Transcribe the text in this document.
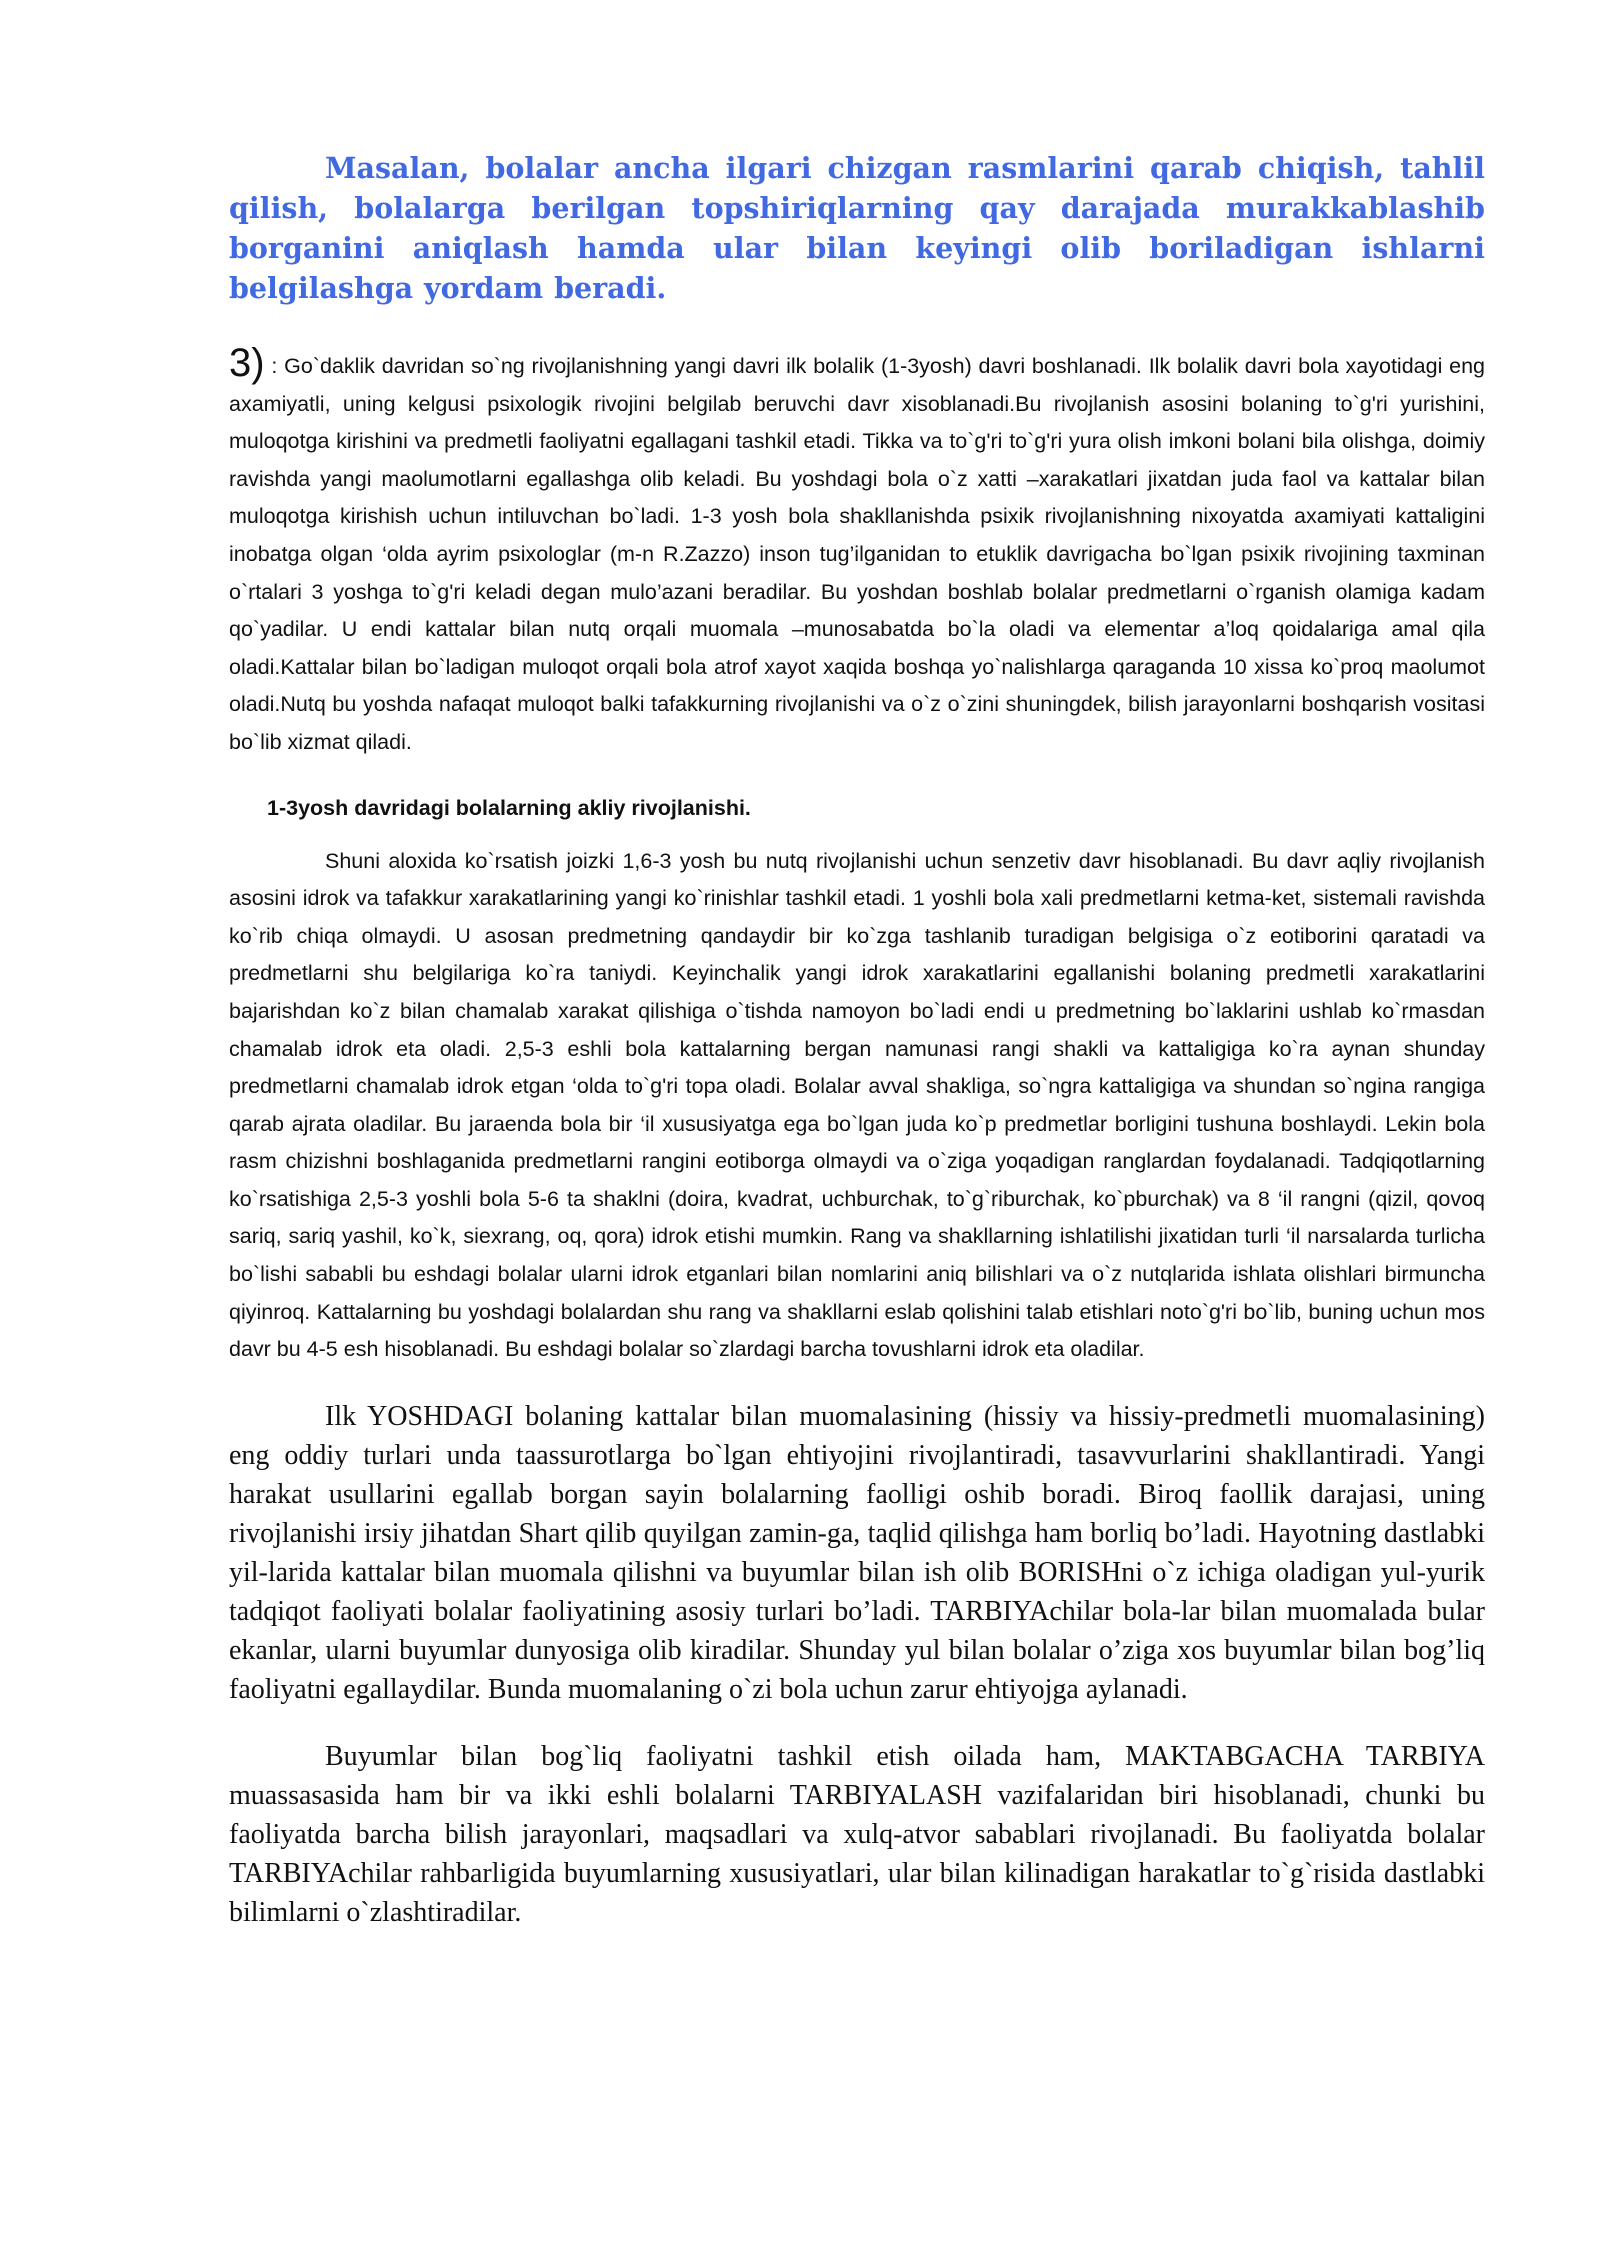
Masalan, bolalar ancha ilgari chizgan rasmlarini qarab chiqish, tahlil qilish, bolalarga berilgan topshiriqlarning qay darajada murakkablashib borganini aniqlash hamda ular bilan keyingi olib boriladigan ishlarni belgilashga yordam beradi.

3) : Go`daklik davridan so`ng rivojlanishning yangi davri ilk bolalik (1-3yosh) davri boshlanadi. Ilk bolalik davri bola xayotidagi eng axamiyatli, uning kelgusi psixologik rivojini belgilab beruvchi davr xisoblanadi.Bu rivojlanish asosini bolaning to`g'ri yurishini, muloqotga kirishini va predmetli faoliyatni egallagani tashkil etadi. Tikka va to`g'ri to`g'ri yura olish imkoni bolani bila olishga, doimiy ravishda yangi maolumotlarni egallashga olib keladi. Bu yoshdagi bola o`z xatti –xarakatlari jixatdan juda faol va kattalar bilan muloqotga kirishish uchun intiluvchan bo`ladi. 1-3 yosh bola shakllanishda psixik rivojlanishning nixoyatda axamiyati kattaligini inobatga olgan ‘olda ayrim psixologlar (m-n R.Zazzo) inson tug’ilganidan to etuklik davrigacha bo`lgan psixik rivojining taxminan o`rtalari 3 yoshga to`g'ri keladi degan mulo’azani beradilar. Bu yoshdan boshlab bolalar predmetlarni o`rganish olamiga kadam qo`yadilar. U endi kattalar bilan nutq orqali muomala –munosabatda bo`la oladi va elementar a’loq qoidalariga amal qila oladi.Kattalar bilan bo`ladigan muloqot orqali bola atrof xayot xaqida boshqa yo`nalishlarga qaraganda 10 xissa ko`proq maolumot oladi.Nutq bu yoshda nafaqat muloqot balki tafakkurning rivojlanishi va o`z o`zini shuningdek, bilish jarayonlarni boshqarish vositasi bo`lib xizmat qiladi.

1-3yosh davridagi bolalarning akliy rivojlanishi.

Shuni aloxida ko`rsatish joizki 1,6-3 yosh bu nutq rivojlanishi uchun senzetiv davr hisoblanadi. Bu davr aqliy rivojlanish asosini idrok va tafakkur xarakatlarining yangi ko`rinishlar tashkil etadi. 1 yoshli bola xali predmetlarni ketma-ket, sistemali ravishda ko`rib chiqa olmaydi. U asosan predmetning qandaydir bir ko`zga tashlanib turadigan belgisiga o`z eotiborini qaratadi va predmetlarni shu belgilariga ko`ra taniydi. Keyinchalik yangi idrok xarakatlarini egallanishi bolaning predmetli xarakatlarini bajarishdan ko`z bilan chamalab xarakat qilishiga o`tishda namoyon bo`ladi endi u predmetning bo`laklarini ushlab ko`rmasdan chamalab idrok eta oladi. 2,5-3 eshli bola kattalarning bergan namunasi rangi shakli va kattaligiga ko`ra aynan shunday predmetlarni chamalab idrok etgan ‘olda to`g'ri topa oladi. Bolalar avval shakliga, so`ngra kattaligiga va shundan so`ngina rangiga qarab ajrata oladilar. Bu jaraenda bola bir ‘il xususiyatga ega bo`lgan juda ko`p predmetlar borligini tushuna boshlaydi. Lekin bola rasm chizishni boshlaganida predmetlarni rangini eotiborga olmaydi va o`ziga yoqadigan ranglardan foydalanadi. Tadqiqotlarning ko`rsatishiga 2,5-3 yoshli bola 5-6 ta shaklni (doira, kvadrat, uchburchak, to`g`riburchak, ko`pburchak) va 8 ‘il rangni (qizil, qovoq sariq, sariq yashil, ko`k, siexrang, oq, qora) idrok etishi mumkin. Rang va shakllarning ishlatilishi jixatidan turli ‘il narsalarda turlicha bo`lishi sababli bu eshdagi bolalar ularni idrok etganlari bilan nomlarini aniq bilishlari va o`z nutqlarida ishlata olishlari birmuncha qiyinroq. Kattalarning bu yoshdagi bolalardan shu rang va shakllarni eslab qolishini talab etishlari noto`g'ri bo`lib, buning uchun mos davr bu 4-5 esh hisoblanadi. Bu eshdagi bolalar so`zlardagi barcha tovushlarni idrok eta oladilar.

Ilk YOSHDAGI bolaning kattalar bilan muomalasining (hissiy va hissiy-predmetli muomalasining) eng oddiy turlari unda taassurotlarga bo`lgan ehtiyojini rivojlantiradi, tasavvurlarini shakllantiradi. Yangi harakat usullarini egallab borgan sayin bolalarning faolligi oshib boradi. Biroq faollik darajasi, uning rivojlanishi irsiy jihatdan Shart qilib quyilgan zamin-ga, taqlid qilishga ham borliq bo’ladi. Hayotning dastlabki yil-larida kattalar bilan muomala qilishni va buyumlar bilan ish olib BORISHni o`z ichiga oladigan yul-yurik tadqiqot faoliyati bolalar faoliyatining asosiy turlari bo’ladi. TARBIYAchilar bola-lar bilan muomalada bular ekanlar, ularni buyumlar dunyosiga olib kiradilar. Shunday yul bilan bolalar o’ziga xos buyumlar bilan bog’liq faoliyatni egallaydilar. Bunda muomalaning o`zi bola uchun zarur ehtiyojga aylanadi.

Buyumlar bilan bog`liq faoliyatni tashkil etish oilada ham, MAKTABGACHA TARBIYA muassasasida ham bir va ikki eshli bolalarni TARBIYALASH vazifalaridan biri hisoblanadi, chunki bu faoliyatda barcha bilish jarayonlari, maqsadlari va xulq-atvor sabablari rivojlanadi. Bu faoliyatda bolalar TARBIYAchilar rahbarligida buyumlarning xususiyatlari, ular bilan kilinadigan harakatlar to`g`risida dastlabki bilimlarni o`zlashtiradilar.
